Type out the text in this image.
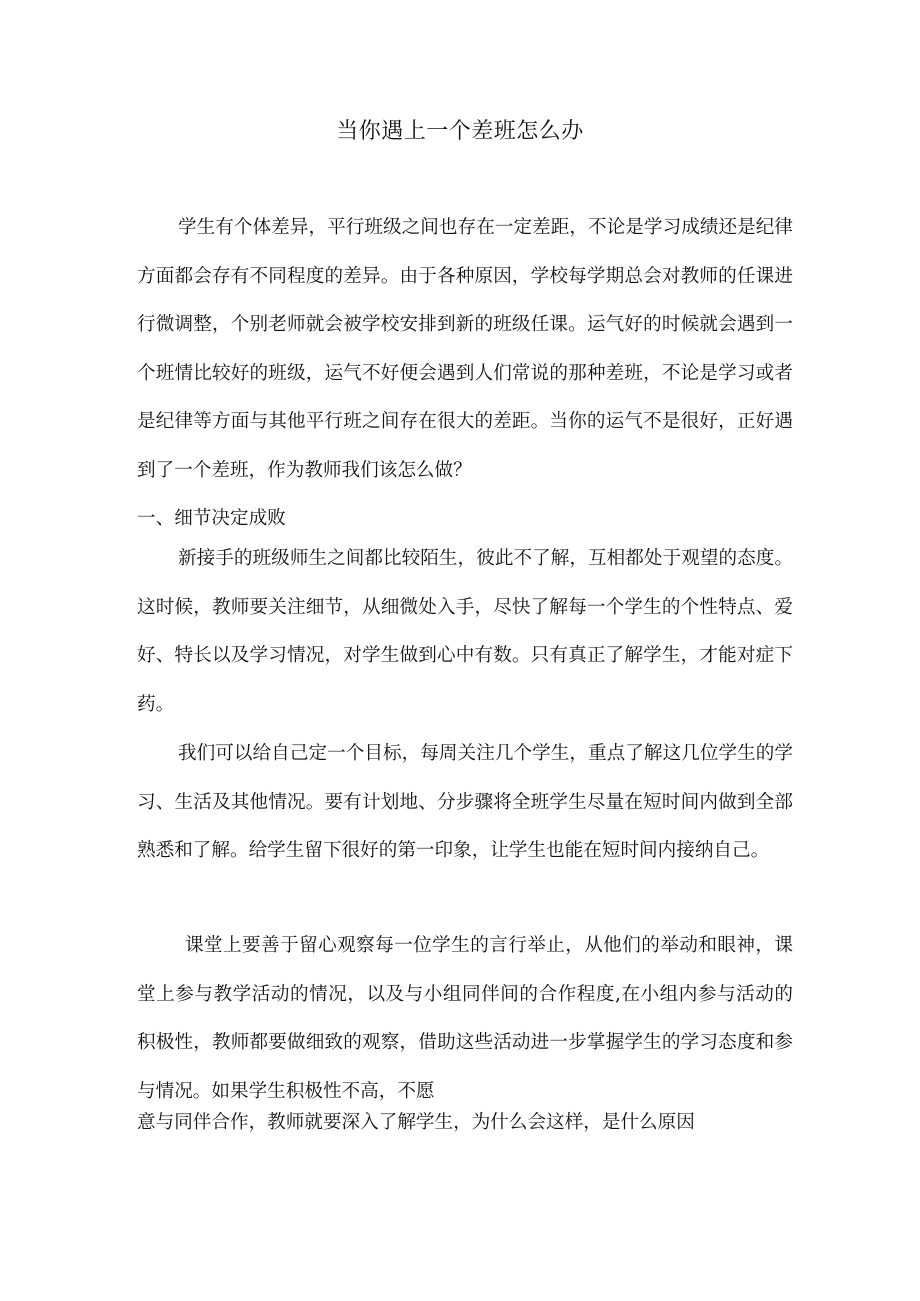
当你遇上一个差班怎么办

学生有个体差异，平行班级之间也存在一定差距，不论是学习成绩还是纪律方面都会存有不同程度的差异。由于各种原因，学校每学期总会对教师的任课进行微调整，个别老师就会被学校安排到新的班级任课。运气好的时候就会遇到一个班情比较好的班级，运气不好便会遇到人们常说的那种差班，不论是学习或者是纪律等方面与其他平行班之间存在很大的差距。当你的运气不是很好，正好遇到了一个差班，作为教师我们该怎么做？

一、细节决定成败

新接手的班级师生之间都比较陌生，彼此不了解，互相都处于观望的态度。这时候，教师要关注细节，从细微处入手，尽快了解每一个学生的个性特点、爱好、特长以及学习情况，对学生做到心中有数。只有真正了解学生，才能对症下药。

我们可以给自己定一个目标，每周关注几个学生，重点了解这几位学生的学习、生活及其他情况。要有计划地、分步骤将全班学生尽量在短时间内做到全部熟悉和了解。给学生留下很好的第一印象，让学生也能在短时间内接纳自己。

课堂上要善于留心观察每一位学生的言行举止，从他们的举动和眼神，课堂上参与教学活动的情况，以及与小组同伴间的合作程度,在小组内参与活动的积极性，教师都要做细致的观察，借助这些活动进一步掌握学生的学习态度和参与情况。如果学生积极性不高，不愿

意与同伴合作，教师就要深入了解学生，为什么会这样，是什么原因
